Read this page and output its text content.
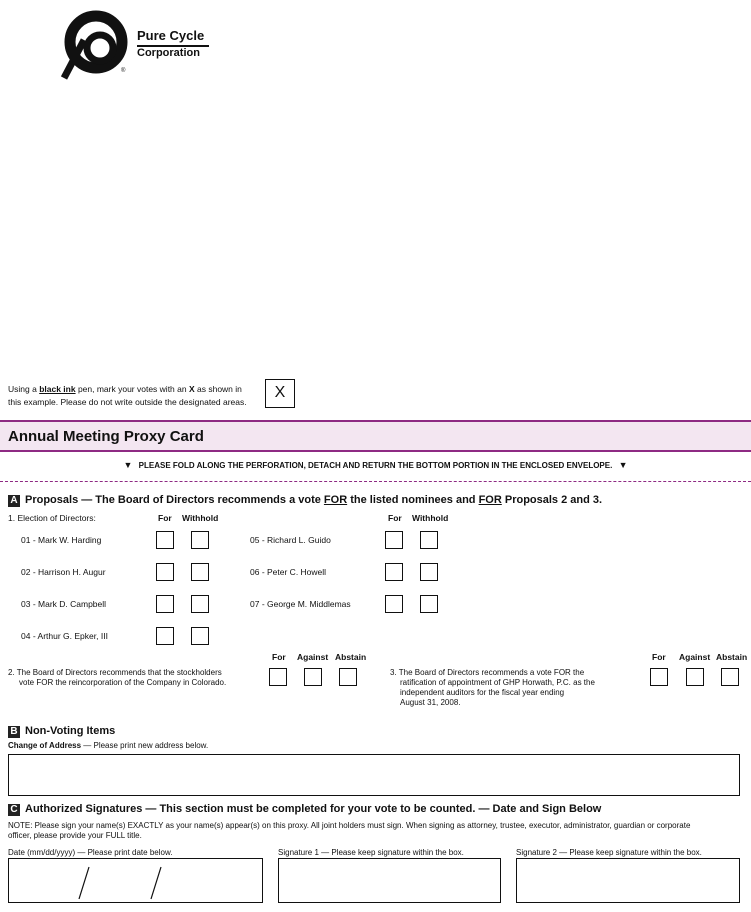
Pure Cycle
Corporation
®
Using a black ink pen, mark your votes with an X as shown in
this example. Please do not write outside the designated areas.
X
Annual Meeting Proxy Card
▼ PLEASE FOLD ALONG THE PERFORATION, DETACH AND RETURN THE BOTTOM PORTION IN THE ENCLOSED ENVELOPE. ▼
A Proposals — The Board of Directors recommends a vote FOR the listed nominees and FOR Proposals 2 and 3.
1. Election of Directors:	For Withhold	For Withhold
01 - Mark W. Harding
02 - Harrison H. Augur
03 - Mark D. Campbell
04 - Arthur G. Epker, III
05 - Richard L. Guido
06 - Peter C. Howell
07 - George M. Middlemas
For Against Abstain
2. The Board of Directors recommends that the stockholders
vote FOR the reincorporation of the Company in Colorado.
For Against Abstain
3. The Board of Directors recommends a vote FOR the
ratification of appointment of GHP Horwath, P.C. as the
independent auditors for the fiscal year ending
August 31, 2008.
B Non-Voting Items
Change of Address — Please print new address below.
C Authorized Signatures — This section must be completed for your vote to be counted. — Date and Sign Below
NOTE: Please sign your name(s) EXACTLY as your name(s) appear(s) on this proxy. All joint holders must sign. When signing as attorney, trustee, executor, administrator, guardian or corporate
officer, please provide your FULL title.
Date (mm/dd/yyyy) — Please print date below.	Signature 1 — Please keep signature within the box.	Signature 2 — Please keep signature within the box.
